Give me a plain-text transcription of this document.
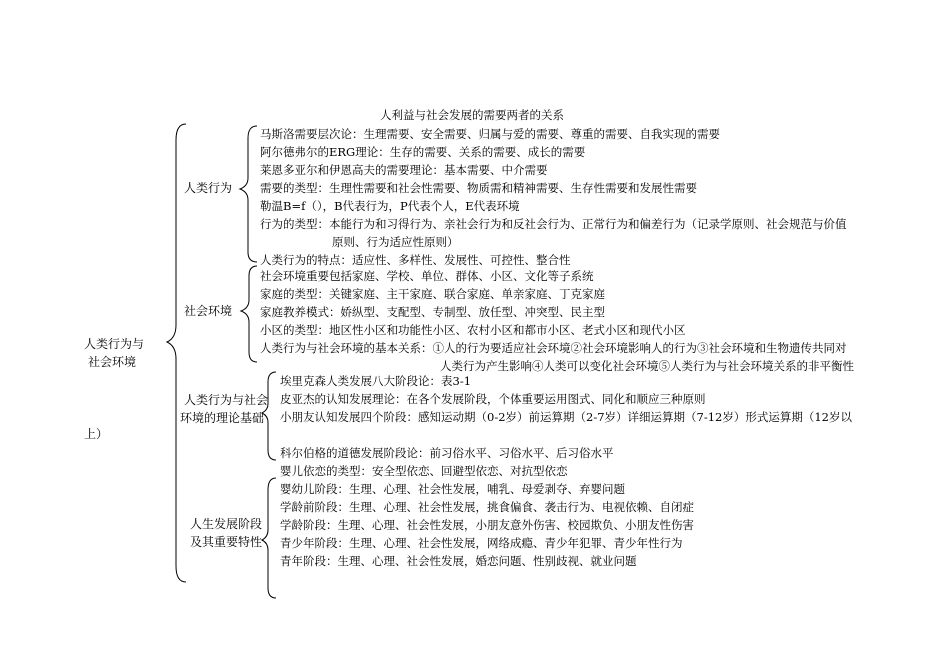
人利益与社会发展的需要两者的关系
人类行为与
社会环境
上）
人类行为
马斯洛需要层次论：生理需要、安全需要、归属与爱的需要、尊重的需要、自我实现的需要
阿尔德弗尔的ERG理论：生存的需要、关系的需要、成长的需要
莱恩多亚尔和伊恩高夫的需要理论：基本需要、中介需要
需要的类型：生理性需要和社会性需要、物质需和精神需要、生存性需要和发展性需要
勒温B=f（），B代表行为，P代表个人，E代表环境
行为的类型：本能行为和习得行为、亲社会行为和反社会行为、正常行为和偏差行为（记录学原则、社会规范与价值
原则、行为适应性原则）
人类行为的特点：适应性、多样性、发展性、可控性、整合性
社会环境
社会环境重要包括家庭、学校、单位、群体、小区、文化等子系统
家庭的类型：关键家庭、主干家庭、联合家庭、单亲家庭、丁克家庭
家庭教养模式：娇纵型、支配型、专制型、放任型、冲突型、民主型
小区的类型：地区性小区和功能性小区、农村小区和都市小区、老式小区和现代小区
人类行为与社会环境的基本关系：①人的行为要适应社会环境②社会环境影响人的行为③社会环境和生物遗传共同对
人类行为产生影响④人类可以变化社会环境⑤人类行为与社会环境关系的非平衡性
人类行为与社会
环境的理论基础
埃里克森人类发展八大阶段论：表3-1
皮亚杰的认知发展理论：在各个发展阶段，个体重要运用图式、同化和顺应三种原则
小朋友认知发展四个阶段：感知运动期（0-2岁）前运算期（2-7岁）详细运算期（7-12岁）形式运算期（12岁以
科尔伯格的道德发展阶段论：前习俗水平、习俗水平、后习俗水平
婴儿依恋的类型：安全型依恋、回避型依恋、对抗型依恋
人生发展阶段
及其重要特性
婴幼儿阶段：生理、心理、社会性发展，哺乳、母爱剥夺、弃婴问题
学龄前阶段：生理、心理、社会性发展，挑食偏食、袭击行为、电视依赖、自闭症
学龄阶段：生理、心理、社会性发展，小朋友意外伤害、校园欺负、小朋友性伤害
青少年阶段：生理、心理、社会性发展，网络成瘾、青少年犯罪、青少年性行为
青年阶段：生理、心理、社会性发展，婚恋问题、性别歧视、就业问题
